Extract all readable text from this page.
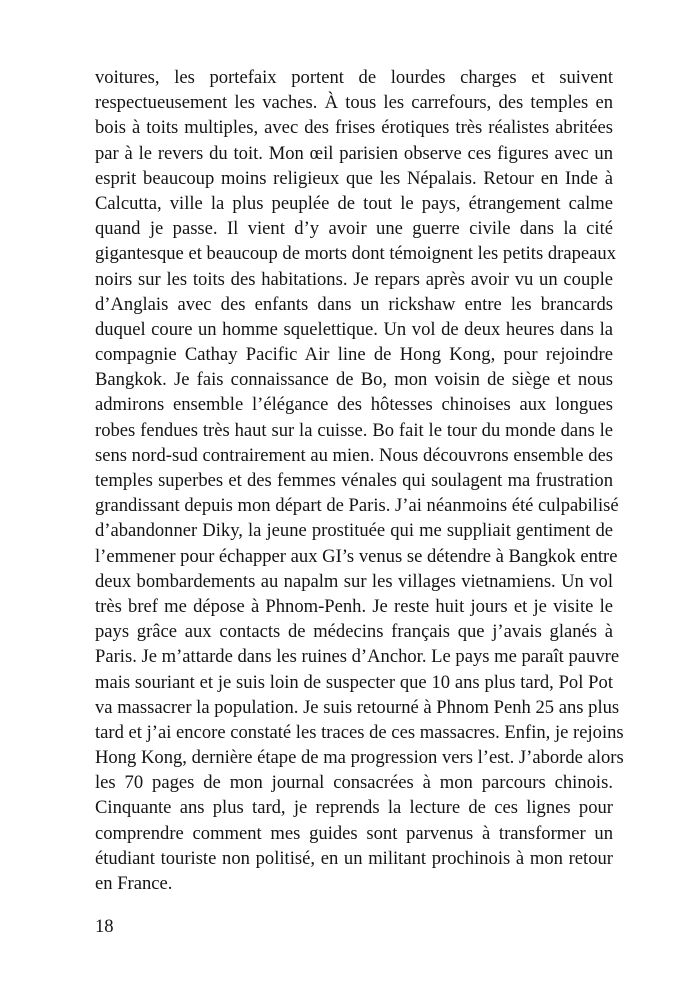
voitures, les portefaix portent de lourdes charges et suivent
respectueusement les vaches. À tous les carrefours, des temples en
bois à toits multiples, avec des frises érotiques très réalistes abritées
par à le revers du toit. Mon œil parisien observe ces figures avec un
esprit beaucoup moins religieux que les Népalais. Retour en Inde à
Calcutta, ville la plus peuplée de tout le pays, étrangement calme
quand je passe. Il vient d’y avoir une guerre civile dans la cité
gigantesque et beaucoup de morts dont témoignent les petits drapeaux
noirs sur les toits des habitations. Je repars après avoir vu un couple
d’Anglais avec des enfants dans un rickshaw entre les brancards
duquel coure un homme squelettique. Un vol de deux heures dans la
compagnie Cathay Pacific Air line de Hong Kong, pour rejoindre
Bangkok. Je fais connaissance de Bo, mon voisin de siège et nous
admirons ensemble l’élégance des hôtesses chinoises aux longues
robes fendues très haut sur la cuisse. Bo fait le tour du monde dans le
sens nord-sud contrairement au mien. Nous découvrons ensemble des
temples superbes et des femmes vénales qui soulagent ma frustration
grandissant depuis mon départ de Paris. J’ai néanmoins été culpabilisé
d’abandonner Diky, la jeune prostituée qui me suppliait gentiment de
l’emmener pour échapper aux GI’s venus se détendre à Bangkok entre
deux bombardements au napalm sur les villages vietnamiens. Un vol
très bref me dépose à Phnom-Penh. Je reste huit jours et je visite le
pays grâce aux contacts de médecins français que j’avais glanés à
Paris. Je m’attarde dans les ruines d’Anchor. Le pays me paraît pauvre
mais souriant et je suis loin de suspecter que 10 ans plus tard, Pol Pot
va massacrer la population. Je suis retourné à Phnom Penh 25 ans plus
tard et j’ai encore constaté les traces de ces massacres. Enfin, je rejoins
Hong Kong, dernière étape de ma progression vers l’est. J’aborde alors
les 70 pages de mon journal consacrées à mon parcours chinois.
Cinquante ans plus tard, je reprends la lecture de ces lignes pour
comprendre comment mes guides sont parvenus à transformer un
étudiant touriste non politisé, en un militant prochinois à mon retour
en France.
18
